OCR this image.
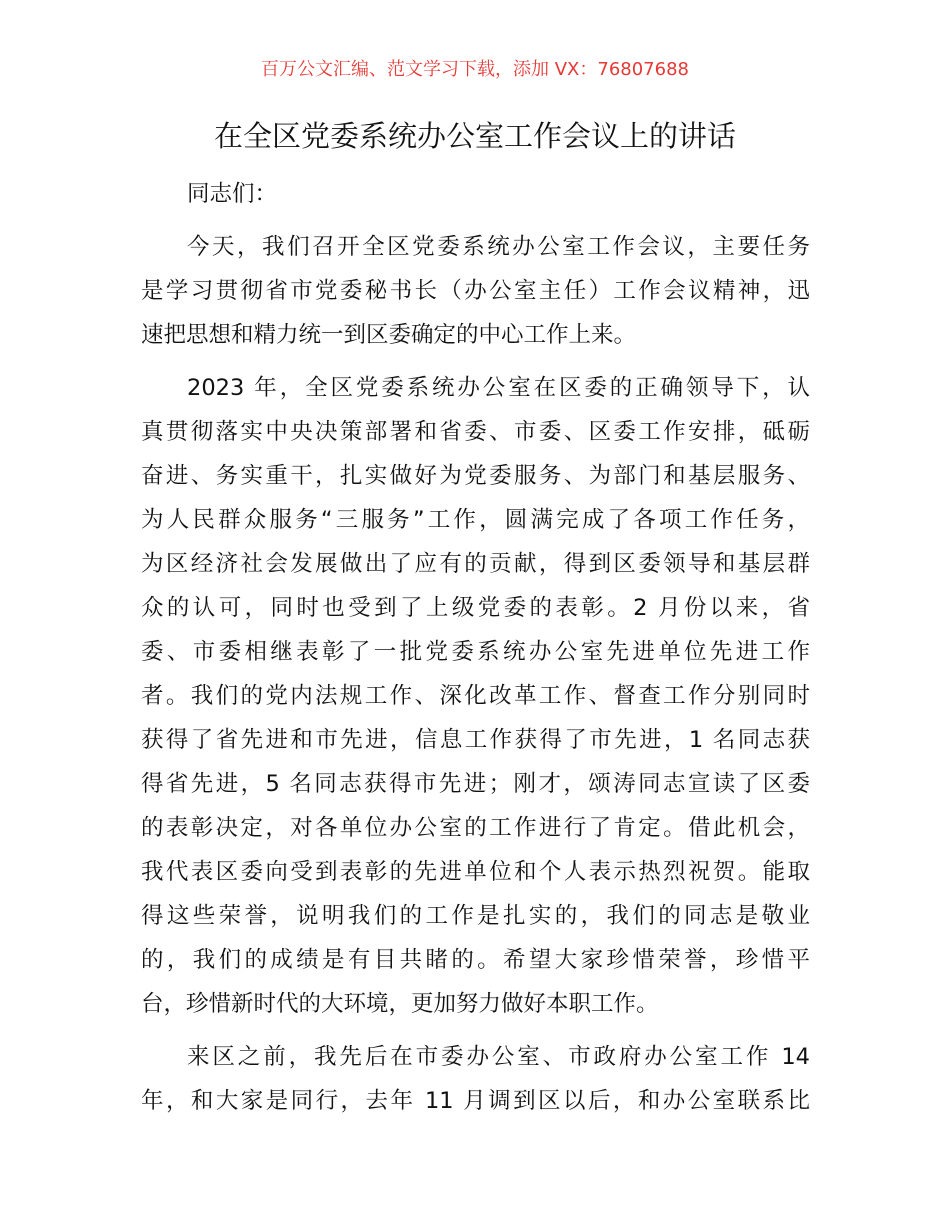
百万公文汇编、范文学习下载，添加 VX：76807688
在全区党委系统办公室工作会议上的讲话
同志们：
今天，我们召开全区党委系统办公室工作会议，主要任务
是学习贯彻省市党委秘书长（办公室主任）工作会议精神，迅
速把思想和精力统一到区委确定的中心工作上来。
2023 年，全区党委系统办公室在区委的正确领导下，认
真贯彻落实中央决策部署和省委、市委、区委工作安排，砥砺
奋进、务实重干，扎实做好为党委服务、为部门和基层服务、
为人民群众服务“三服务”工作，圆满完成了各项工作任务，
为区经济社会发展做出了应有的贡献，得到区委领导和基层群
众的认可，同时也受到了上级党委的表彰。2 月份以来，省
委、市委相继表彰了一批党委系统办公室先进单位先进工作
者。我们的党内法规工作、深化改革工作、督查工作分别同时
获得了省先进和市先进，信息工作获得了市先进，1 名同志获
得省先进，5 名同志获得市先进；刚才，颂涛同志宣读了区委
的表彰决定，对各单位办公室的工作进行了肯定。借此机会，
我代表区委向受到表彰的先进单位和个人表示热烈祝贺。能取
得这些荣誉，说明我们的工作是扎实的，我们的同志是敬业
的，我们的成绩是有目共睹的。希望大家珍惜荣誉，珍惜平
台，珍惜新时代的大环境，更加努力做好本职工作。
来区之前，我先后在市委办公室、市政府办公室工作 14
年，和大家是同行，去年 11 月调到区以后，和办公室联系比
